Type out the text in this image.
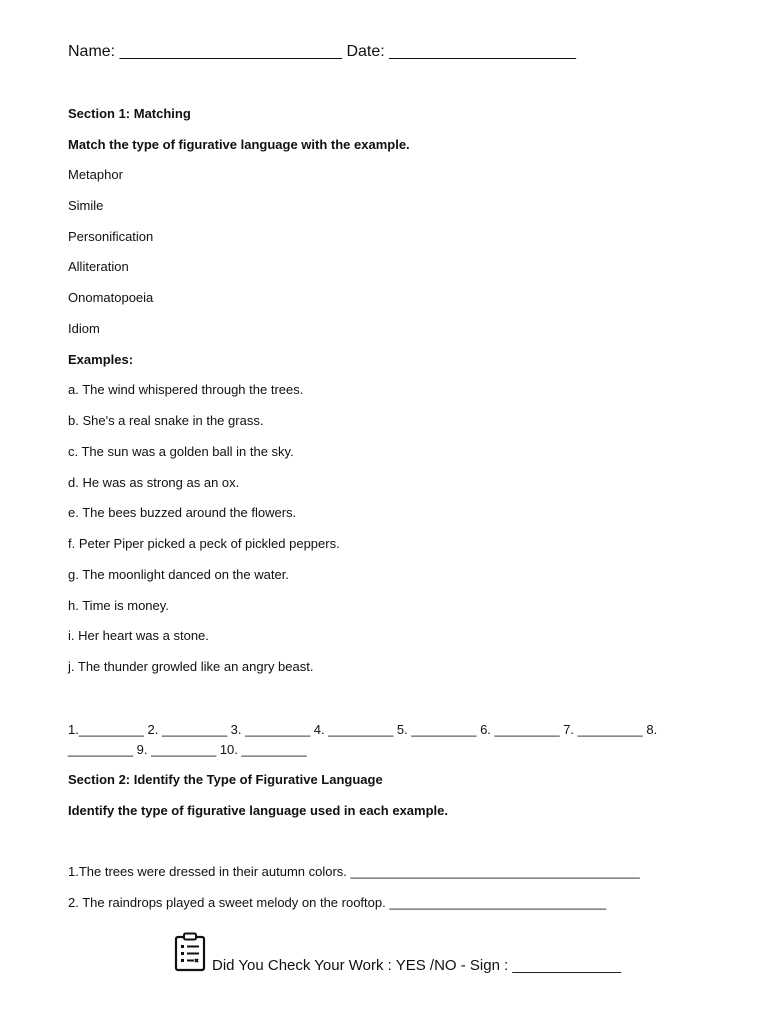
Name: _________________________ Date: _____________________
Section 1: Matching
Match the type of figurative language with the example.
Metaphor
Simile
Personification
Alliteration
Onomatopoeia
Idiom
Examples:
a. The wind whispered through the trees.
b. She's a real snake in the grass.
c. The sun was a golden ball in the sky.
d. He was as strong as an ox.
e. The bees buzzed around the flowers.
f. Peter Piper picked a peck of pickled peppers.
g. The moonlight danced on the water.
h. Time is money.
i. Her heart was a stone.
j. The thunder growled like an angry beast.
1._________ 2. _________ 3. _________ 4. _________ 5. _________ 6. _________ 7. _________ 8. _________ 9. _________ 10. _________
Section 2: Identify the Type of Figurative Language
Identify the type of figurative language used in each example.
1.The trees were dressed in their autumn colors. ________________________________________
2. The raindrops played a sweet melody on the rooftop. ______________________________
Did You Check Your Work : YES /NO - Sign : _____________
